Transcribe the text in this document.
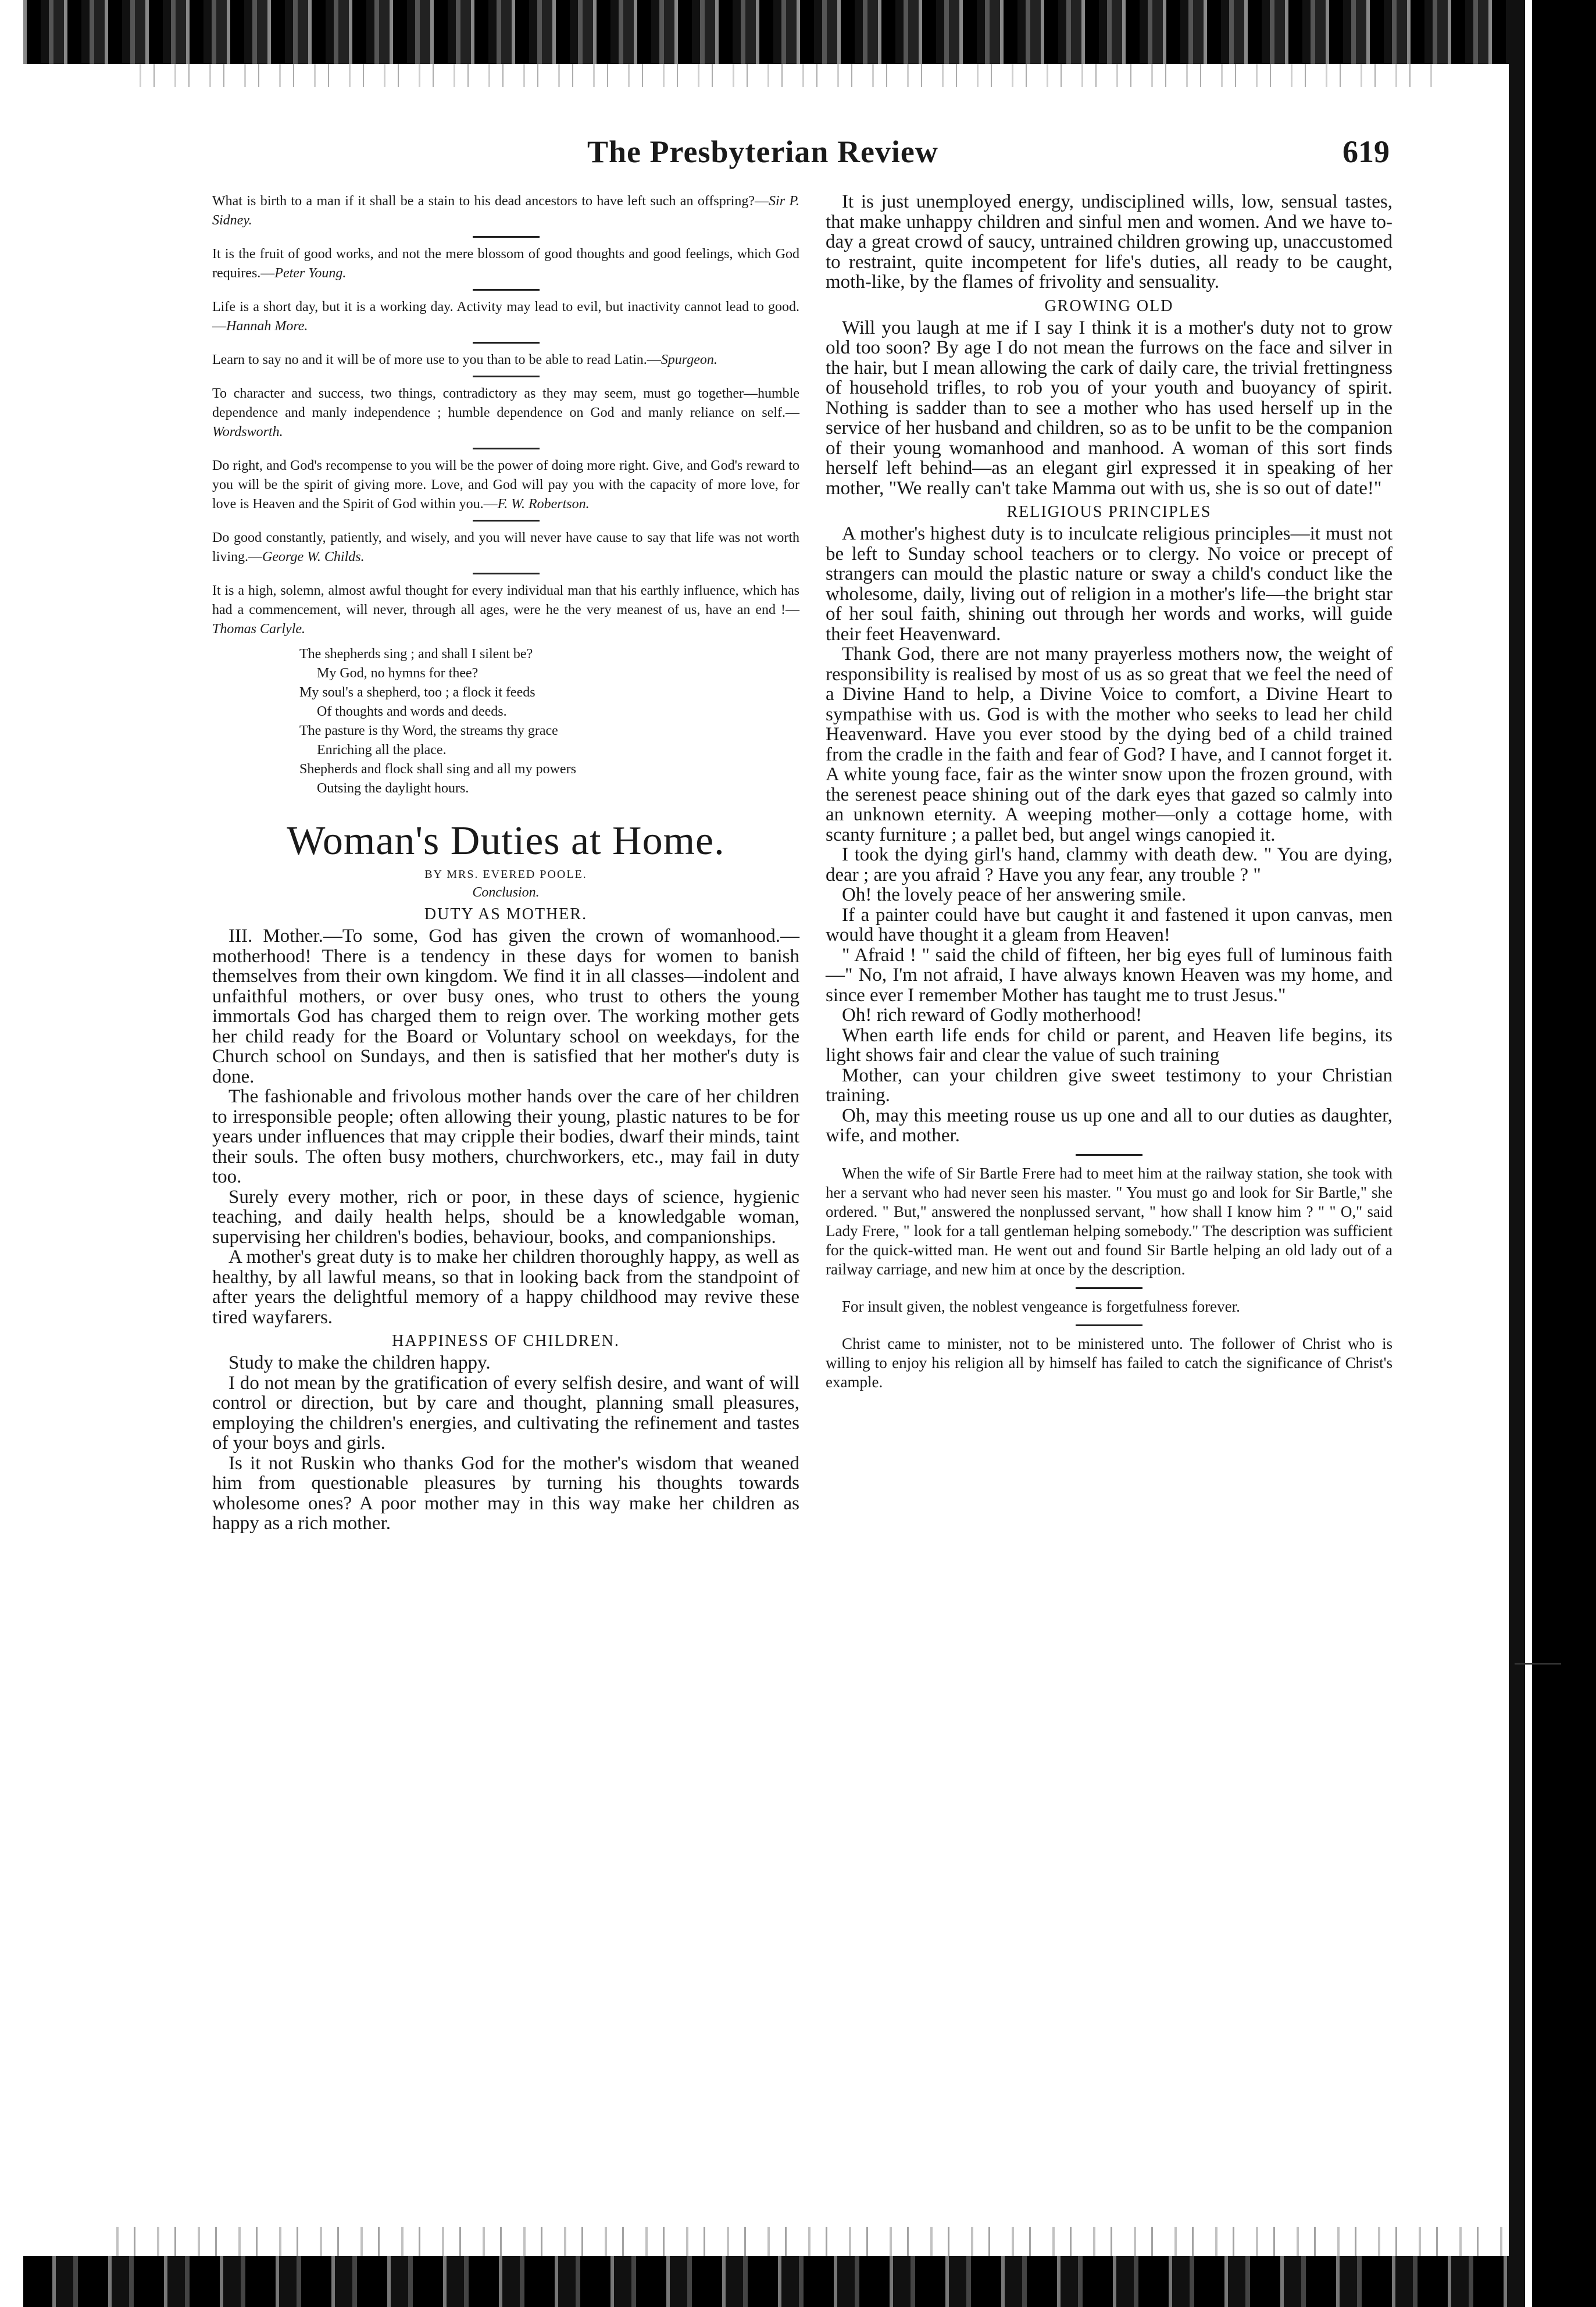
The Presbyterian Review	619

What is birth to a man if it shall be a stain to his dead ancestors to have left such an offspring?—Sir P. Sidney.

It is the fruit of good works, and not the mere blossom of good thoughts and good feelings, which God requires.—Peter Young.

Life is a short day, but it is a working day. Activity may lead to evil, but inactivity cannot lead to good.—Hannah More.

Learn to say no and it will be of more use to you than to be able to read Latin.—Spurgeon.

To character and success, two things, contradictory as they may seem, must go together—humble dependence and manly independence ; humble dependence on God and manly reliance on self.—Wordsworth.

Do right, and God's recompense to you will be the power of doing more right. Give, and God's reward to you will be the spirit of giving more. Love, and God will pay you with the capacity of more love, for love is Heaven and the Spirit of God within you.—F. W. Robertson.

Do good constantly, patiently, and wisely, and you will never have cause to say that life was not worth living.—George W. Childs.

It is a high, solemn, almost awful thought for every individual man that his earthly influence, which has had a commencement, will never, through all ages, were he the very meanest of us, have an end !—Thomas Carlyle.

The shepherds sing ; and shall I silent be?
My God, no hymns for thee?
My soul's a shepherd, too ; a flock it feeds
Of thoughts and words and deeds.
The pasture is thy Word, the streams thy grace
Enriching all the place.
Shepherds and flock shall sing and all my powers
Outsing the daylight hours.
Woman's Duties at Home.

BY MRS. EVERED POOLE.

Conclusion.

DUTY AS MOTHER.

III. Mother.—To some, God has given the crown of womanhood.— motherhood! There is a tendency in these days for women to banish themselves from their own kingdom. We find it in all classes—indolent and unfaithful mothers, or over busy ones, who trust to others the young immortals God has charged them to reign over. The working mother gets her child ready for the Board or Voluntary school on weekdays, for the Church school on Sundays, and then is satisfied that her mother's duty is done.

The fashionable and frivolous mother hands over the care of her children to irresponsible people; often allowing their young, plastic natures to be for years under influences that may cripple their bodies, dwarf their minds, taint their souls. The often busy mothers, churchworkers, etc., may fail in duty too.

Surely every mother, rich or poor, in these days of science, hygienic teaching, and daily health helps, should be a knowledgable woman, supervising her children's bodies, behaviour, books, and companionships.

A mother's great duty is to make her children thoroughly happy, as well as healthy, by all lawful means, so that in looking back from the standpoint of after years the delightful memory of a happy childhood may revive these tired wayfarers.

HAPPINESS OF CHILDREN.

Study to make the children happy.

I do not mean by the gratification of every selfish desire, and want of will control or direction, but by care and thought, planning small pleasures, employing the children's energies, and cultivating the refinement and tastes of your boys and girls.

Is it not Ruskin who thanks God for the mother's wisdom that weaned him from questionable pleasures by turning his thoughts towards wholesome ones? A poor mother may in this way make her children as happy as a rich mother.

It is just unemployed energy, undisciplined wills, low, sensual tastes, that make unhappy children and sinful men and women. And we have to-day a great crowd of saucy, untrained children growing up, unaccustomed to restraint, quite incompetent for life's duties, all ready to be caught, moth-like, by the flames of frivolity and sensuality.

GROWING OLD

Will you laugh at me if I say I think it is a mother's duty not to grow old too soon? By age I do not mean the furrows on the face and silver in the hair, but I mean allowing the cark of daily care, the trivial frettingness of household trifles, to rob you of your youth and buoyancy of spirit. Nothing is sadder than to see a mother who has used herself up in the service of her husband and children, so as to be unfit to be the companion of their young womanhood and manhood. A woman of this sort finds herself left behind—as an elegant girl expressed it in speaking of her mother, "We really can't take Mamma out with us, she is so out of date!"

RELIGIOUS PRINCIPLES

A mother's highest duty is to inculcate religious principles—it must not be left to Sunday school teachers or to clergy. No voice or precept of strangers can mould the plastic nature or sway a child's conduct like the wholesome, daily, living out of religion in a mother's life—the bright star of her soul faith, shining out through her words and works, will guide their feet Heavenward.

Thank God, there are not many prayerless mothers now, the weight of responsibility is realised by most of us as so great that we feel the need of a Divine Hand to help, a Divine Voice to comfort, a Divine Heart to sympathise with us. God is with the mother who seeks to lead her child Heavenward. Have you ever stood by the dying bed of a child trained from the cradle in the faith and fear of God? I have, and I cannot forget it. A white young face, fair as the winter snow upon the frozen ground, with the serenest peace shining out of the dark eyes that gazed so calmly into an unknown eternity. A weeping mother—only a cottage home, with scanty furniture ; a pallet bed, but angel wings canopied it.

I took the dying girl's hand, clammy with death dew. " You are dying, dear ; are you afraid ? Have you any fear, any trouble ? "

Oh! the lovely peace of her answering smile.

If a painter could have but caught it and fastened it upon canvas, men would have thought it a gleam from Heaven!

" Afraid ! " said the child of fifteen, her big eyes full of luminous faith—" No, I'm not afraid, I have always known Heaven was my home, and since ever I remember Mother has taught me to trust Jesus."

Oh! rich reward of Godly motherhood!

When earth life ends for child or parent, and Heaven life begins, its light shows fair and clear the value of such training

Mother, can your children give sweet testimony to your Christian training.

Oh, may this meeting rouse us up one and all to our duties as daughter, wife, and mother.

When the wife of Sir Bartle Frere had to meet him at the railway station, she took with her a servant who had never seen his master. " You must go and look for Sir Bartle," she ordered. " But," answered the nonplussed servant, " how shall I know him ? " " O," said Lady Frere, " look for a tall gentleman helping somebody." The description was sufficient for the quick-witted man. He went out and found Sir Bartle helping an old lady out of a railway carriage, and new him at once by the description.

For insult given, the noblest vengeance is forgetfulness forever.

Christ came to minister, not to be ministered unto. The follower of Christ who is willing to enjoy his religion all by himself has failed to catch the significance of Christ's example.
